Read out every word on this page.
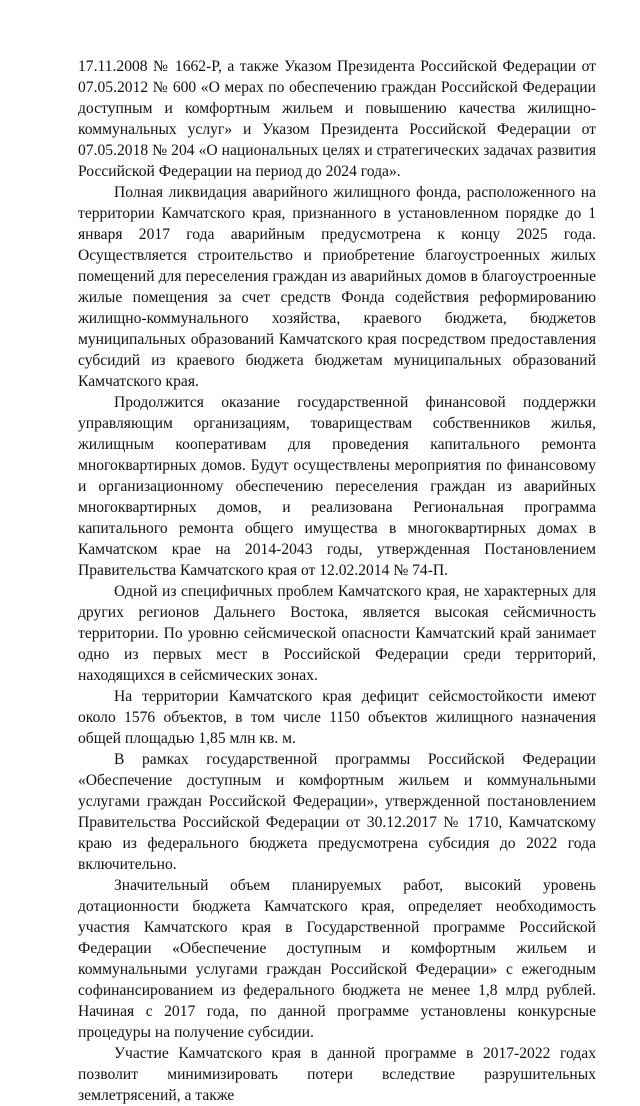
17.11.2008 № 1662-Р, а также Указом Президента Российской Федерации от 07.05.2012 № 600 «О мерах по обеспечению граждан Российской Федерации доступным и комфортным жильем и повышению качества жилищно-коммунальных услуг» и Указом Президента Российской Федерации от 07.05.2018 № 204 «О национальных целях и стратегических задачах развития Российской Федерации на период до 2024 года».

Полная ликвидация аварийного жилищного фонда, расположенного на территории Камчатского края, признанного в установленном порядке до 1 января 2017 года аварийным предусмотрена к концу 2025 года. Осуществляется строительство и приобретение благоустроенных жилых помещений для переселения граждан из аварийных домов в благоустроенные жилые помещения за счет средств Фонда содействия реформированию жилищно-коммунального хозяйства, краевого бюджета, бюджетов муниципальных образований Камчатского края посредством предоставления субсидий из краевого бюджета бюджетам муниципальных образований Камчатского края.

Продолжится оказание государственной финансовой поддержки управляющим организациям, товариществам собственников жилья, жилищным кооперативам для проведения капитального ремонта многоквартирных домов. Будут осуществлены мероприятия по финансовому и организационному обеспечению переселения граждан из аварийных многоквартирных домов, и реализована Региональная программа капитального ремонта общего имущества в многоквартирных домах в Камчатском крае на 2014-2043 годы, утвержденная Постановлением Правительства Камчатского края от 12.02.2014 № 74-П.

Одной из специфичных проблем Камчатского края, не характерных для других регионов Дальнего Востока, является высокая сейсмичность территории. По уровню сейсмической опасности Камчатский край занимает одно из первых мест в Российской Федерации среди территорий, находящихся в сейсмических зонах.

На территории Камчатского края дефицит сейсмостойкости имеют около 1576 объектов, в том числе 1150 объектов жилищного назначения общей площадью 1,85 млн кв. м.

В рамках государственной программы Российской Федерации «Обеспечение доступным и комфортным жильем и коммунальными услугами граждан Российской Федерации», утвержденной постановлением Правительства Российской Федерации от 30.12.2017 № 1710, Камчатскому краю из федерального бюджета предусмотрена субсидия до 2022 года включительно.

Значительный объем планируемых работ, высокий уровень дотационности бюджета Камчатского края, определяет необходимость участия Камчатского края в Государственной программе Российской Федерации «Обеспечение доступным и комфортным жильем и коммунальными услугами граждан Российской Федерации» с ежегодным софинансированием из федерального бюджета не менее 1,8 млрд рублей. Начиная с 2017 года, по данной программе установлены конкурсные процедуры на получение субсидии.

Участие Камчатского края в данной программе в 2017-2022 годах позволит минимизировать потери вследствие разрушительных землетрясений, а также
